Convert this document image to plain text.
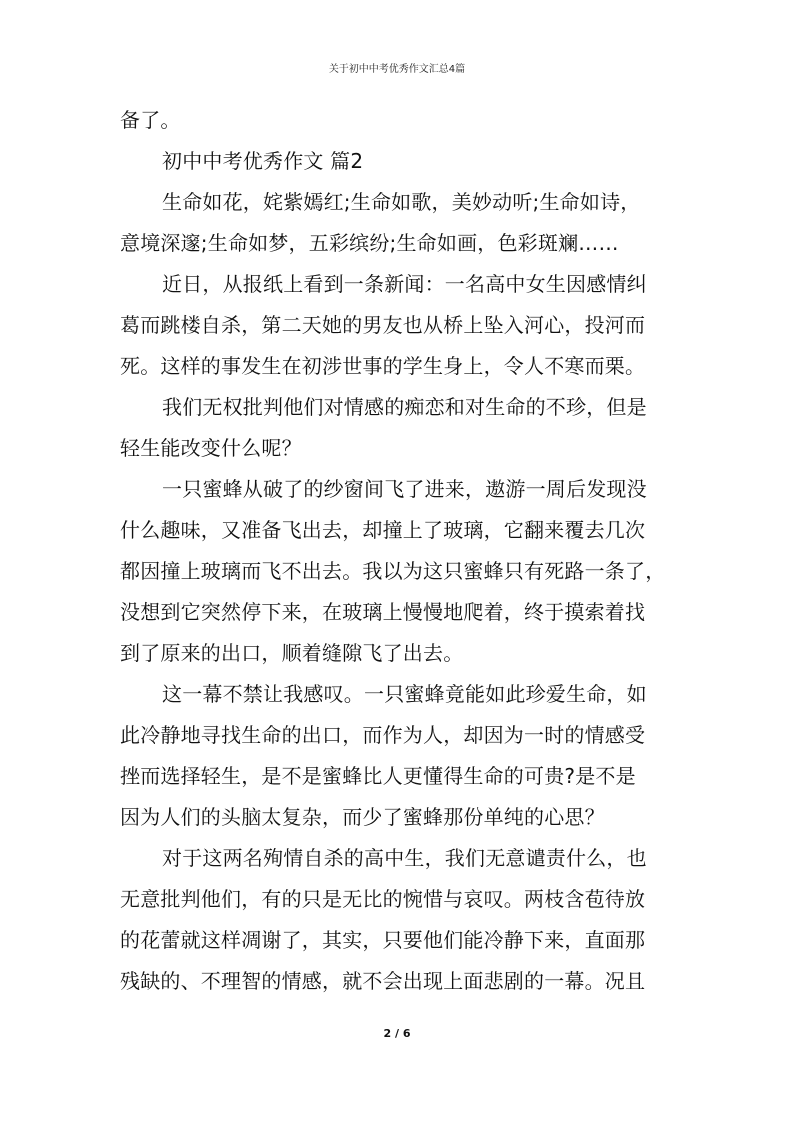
关于初中中考优秀作文汇总4篇
备了。
初中中考优秀作文 篇2
生命如花，姹紫嫣红;生命如歌，美妙动听;生命如诗，
意境深邃;生命如梦，五彩缤纷;生命如画，色彩斑斓……
近日，从报纸上看到一条新闻：一名高中女生因感情纠
葛而跳楼自杀，第二天她的男友也从桥上坠入河心，投河而
死。这样的事发生在初涉世事的学生身上，令人不寒而栗。
我们无权批判他们对情感的痴恋和对生命的不珍，但是
轻生能改变什么呢？
一只蜜蜂从破了的纱窗间飞了进来，遨游一周后发现没
什么趣味，又准备飞出去，却撞上了玻璃，它翻来覆去几次
都因撞上玻璃而飞不出去。我以为这只蜜蜂只有死路一条了，
没想到它突然停下来，在玻璃上慢慢地爬着，终于摸索着找
到了原来的出口，顺着缝隙飞了出去。
这一幕不禁让我感叹。一只蜜蜂竟能如此珍爱生命，如
此冷静地寻找生命的出口，而作为人，却因为一时的情感受
挫而选择轻生，是不是蜜蜂比人更懂得生命的可贵?是不是
因为人们的头脑太复杂，而少了蜜蜂那份单纯的心思？
对于这两名殉情自杀的高中生，我们无意谴责什么，也
无意批判他们，有的只是无比的惋惜与哀叹。两枝含苞待放
的花蕾就这样凋谢了，其实，只要他们能冷静下来，直面那
残缺的、不理智的情感，就不会出现上面悲剧的一幕。况且
2 / 6
